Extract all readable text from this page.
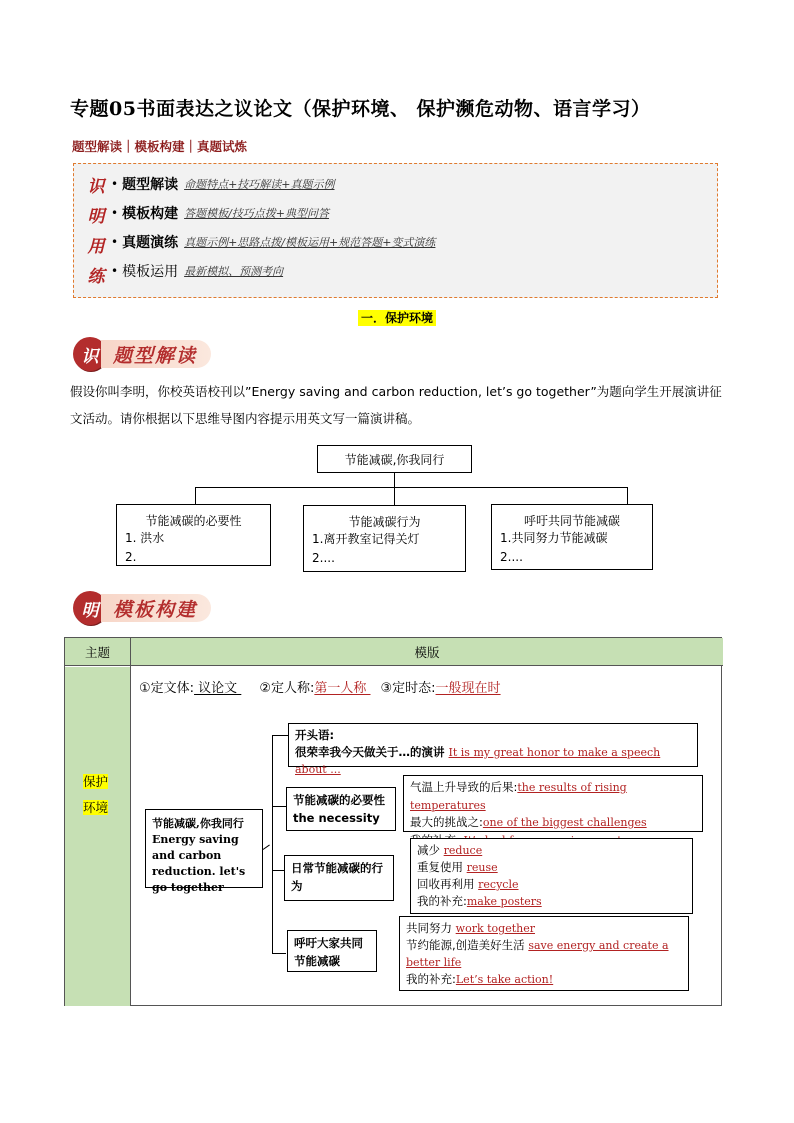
专题05书面表达之议论文（保护环境、 保护濒危动物、语言学习）
题型解读｜模板构建｜真题试炼
识
明
用
练
• 题型解读 命题特点+技巧解读+真题示例
• 模板构建 答题模板/技巧点拨+典型问答
• 真题演练 真题示例+思路点拨/模板运用+规范答题+变式演练
• 模板运用 最新模拟、预测考向
一．保护环境
识 题型解读
假设你叫李明，你校英语校刊以”Energy saving and carbon reduction, let’s go together”为题向学生开展演讲征文活动。请你根据以下思维导图内容提示用英文写一篇演讲稿。
节能减碳,你我同行
节能减碳的必要性
1. 洪水
2.
节能减碳行为
1.离开教室记得关灯
2....
呼吁共同节能减碳
1.共同努力节能减碳
2....
明 模板构建
主题	模版
保护
环境
①定文体: 议论文 ②定人称:第一人称 ③定时态:一般现在时
节能减碳,你我同行
Energy saving and carbon reduction. let's go together
开头语:
很荣幸我今天做关于…的演讲 It is my great honor to make a speech about ...
节能减碳的必要性 the necessity
气温上升导致的后果:the results of rising temperatures
最大的挑战之:one of the biggest challenges
日常节能减碳的行　　为
减少 reduce
重复使用 reuse
回收再利用 recycle
我的补充:make posters
呼吁大家共同节能减碳
共同努力 work together
节约能源,创造美好生活 save energy and create a better life
我的补充:Let’s take action!
